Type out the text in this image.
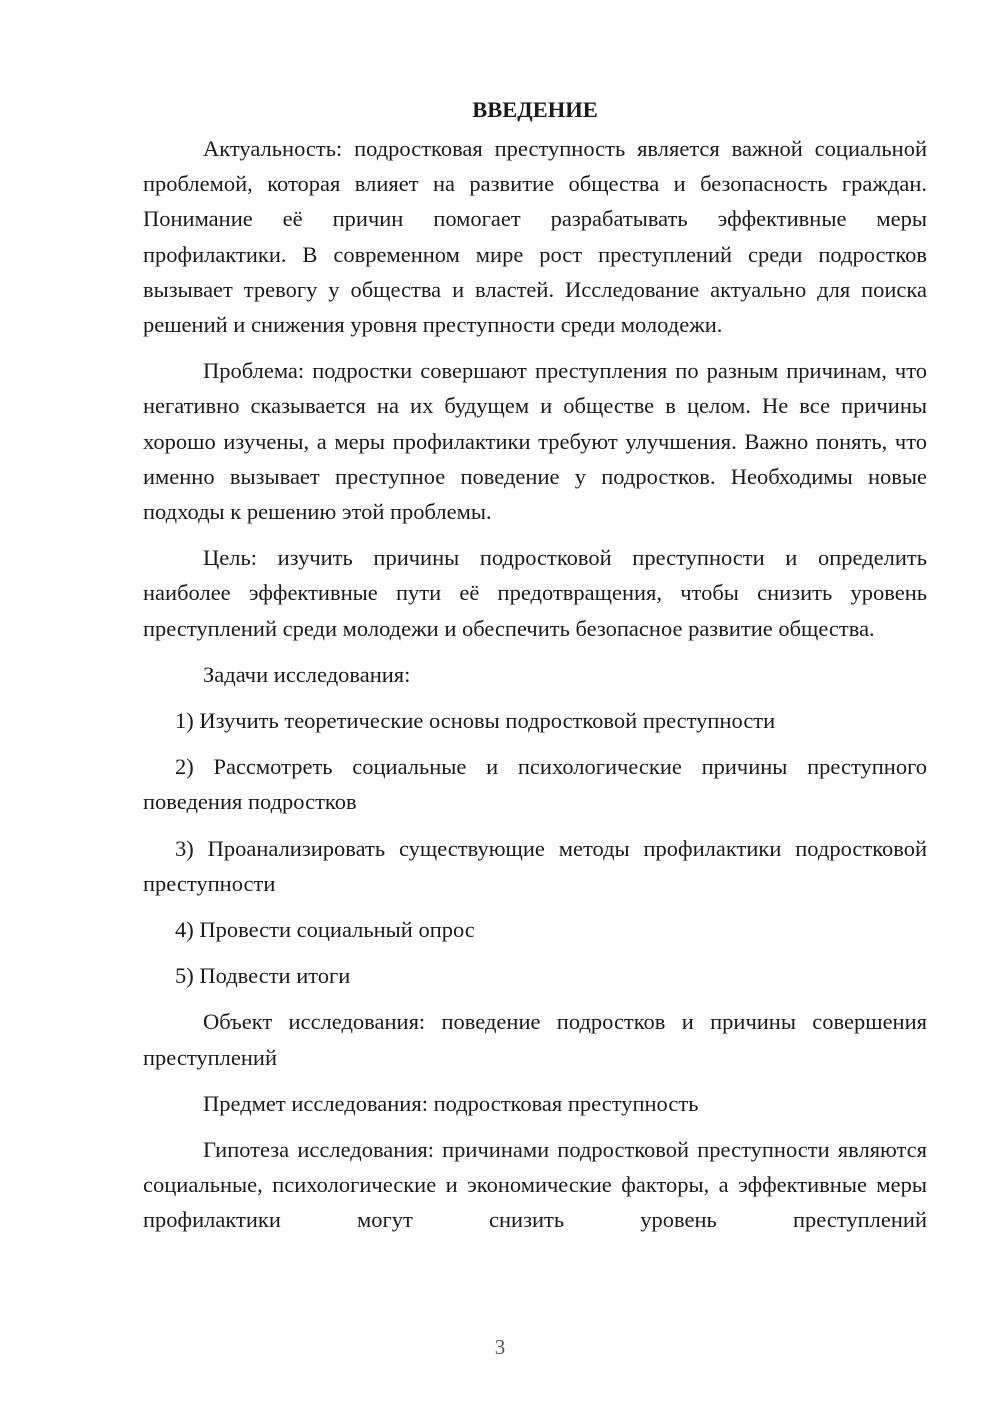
ВВЕДЕНИЕ

Актуальность: подростковая преступность является важной социальной проблемой, которая влияет на развитие общества и безопасность граждан. Понимание её причин помогает разрабатывать эффективные меры профилактики. В современном мире рост преступлений среди подростков вызывает тревогу у общества и властей. Исследование актуально для поиска решений и снижения уровня преступности среди молодежи.

Проблема: подростки совершают преступления по разным причинам, что негативно сказывается на их будущем и обществе в целом. Не все причины хорошо изучены, а меры профилактики требуют улучшения. Важно понять, что именно вызывает преступное поведение у подростков. Необходимы новые подходы к решению этой проблемы.

Цель: изучить причины подростковой преступности и определить наиболее эффективные пути её предотвращения, чтобы снизить уровень преступлений среди молодежи и обеспечить безопасное развитие общества.

Задачи исследования:

1) Изучить теоретические основы подростковой преступности

2) Рассмотреть социальные и психологические причины преступного поведения подростков

3) Проанализировать существующие методы профилактики подростковой преступности

4) Провести социальный опрос

5) Подвести итоги

Объект исследования: поведение подростков и причины совершения преступлений

Предмет исследования: подростковая преступность

Гипотеза исследования: причинами подростковой преступности являются социальные, психологические и экономические факторы, а эффективные меры профилактики могут снизить уровень преступлений

3
